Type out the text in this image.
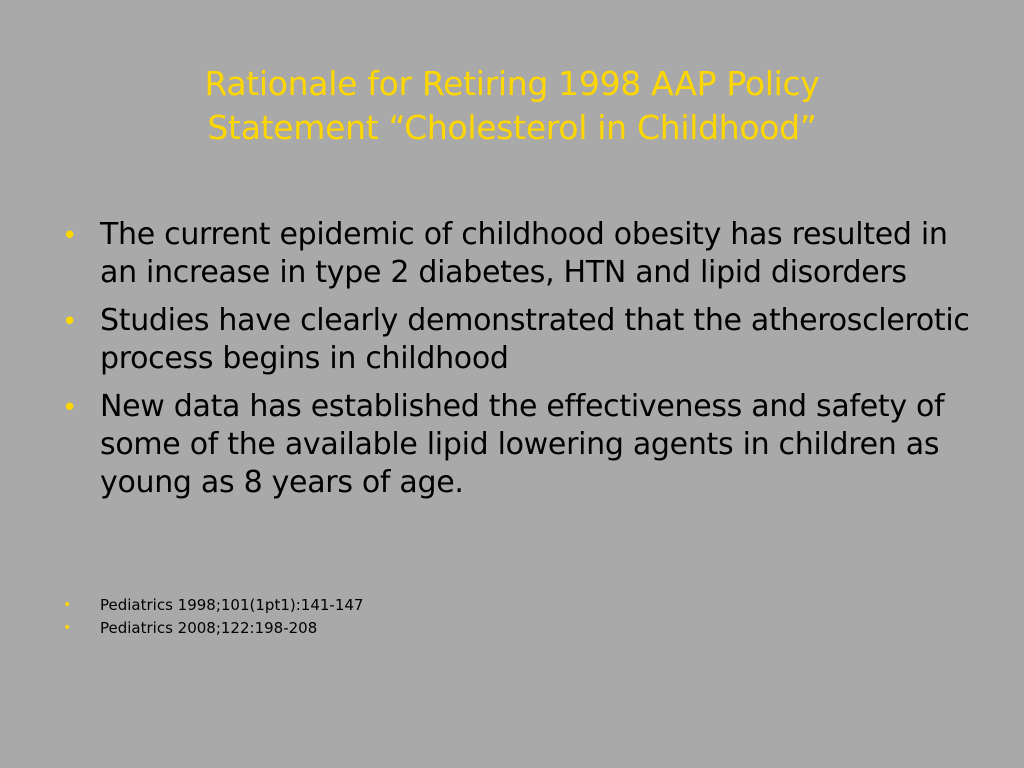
Rationale for Retiring 1998 AAP Policy
Statement “Cholesterol in Childhood”
• The current epidemic of childhood obesity has resulted in an increase in type 2 diabetes, HTN and lipid disorders
• Studies have clearly demonstrated that the atherosclerotic process begins in childhood
• New data has established the effectiveness and safety of some of the available lipid lowering agents in children as young as 8 years of age.
• Pediatrics 1998;101(1pt1):141-147
• Pediatrics 2008;122:198-208
